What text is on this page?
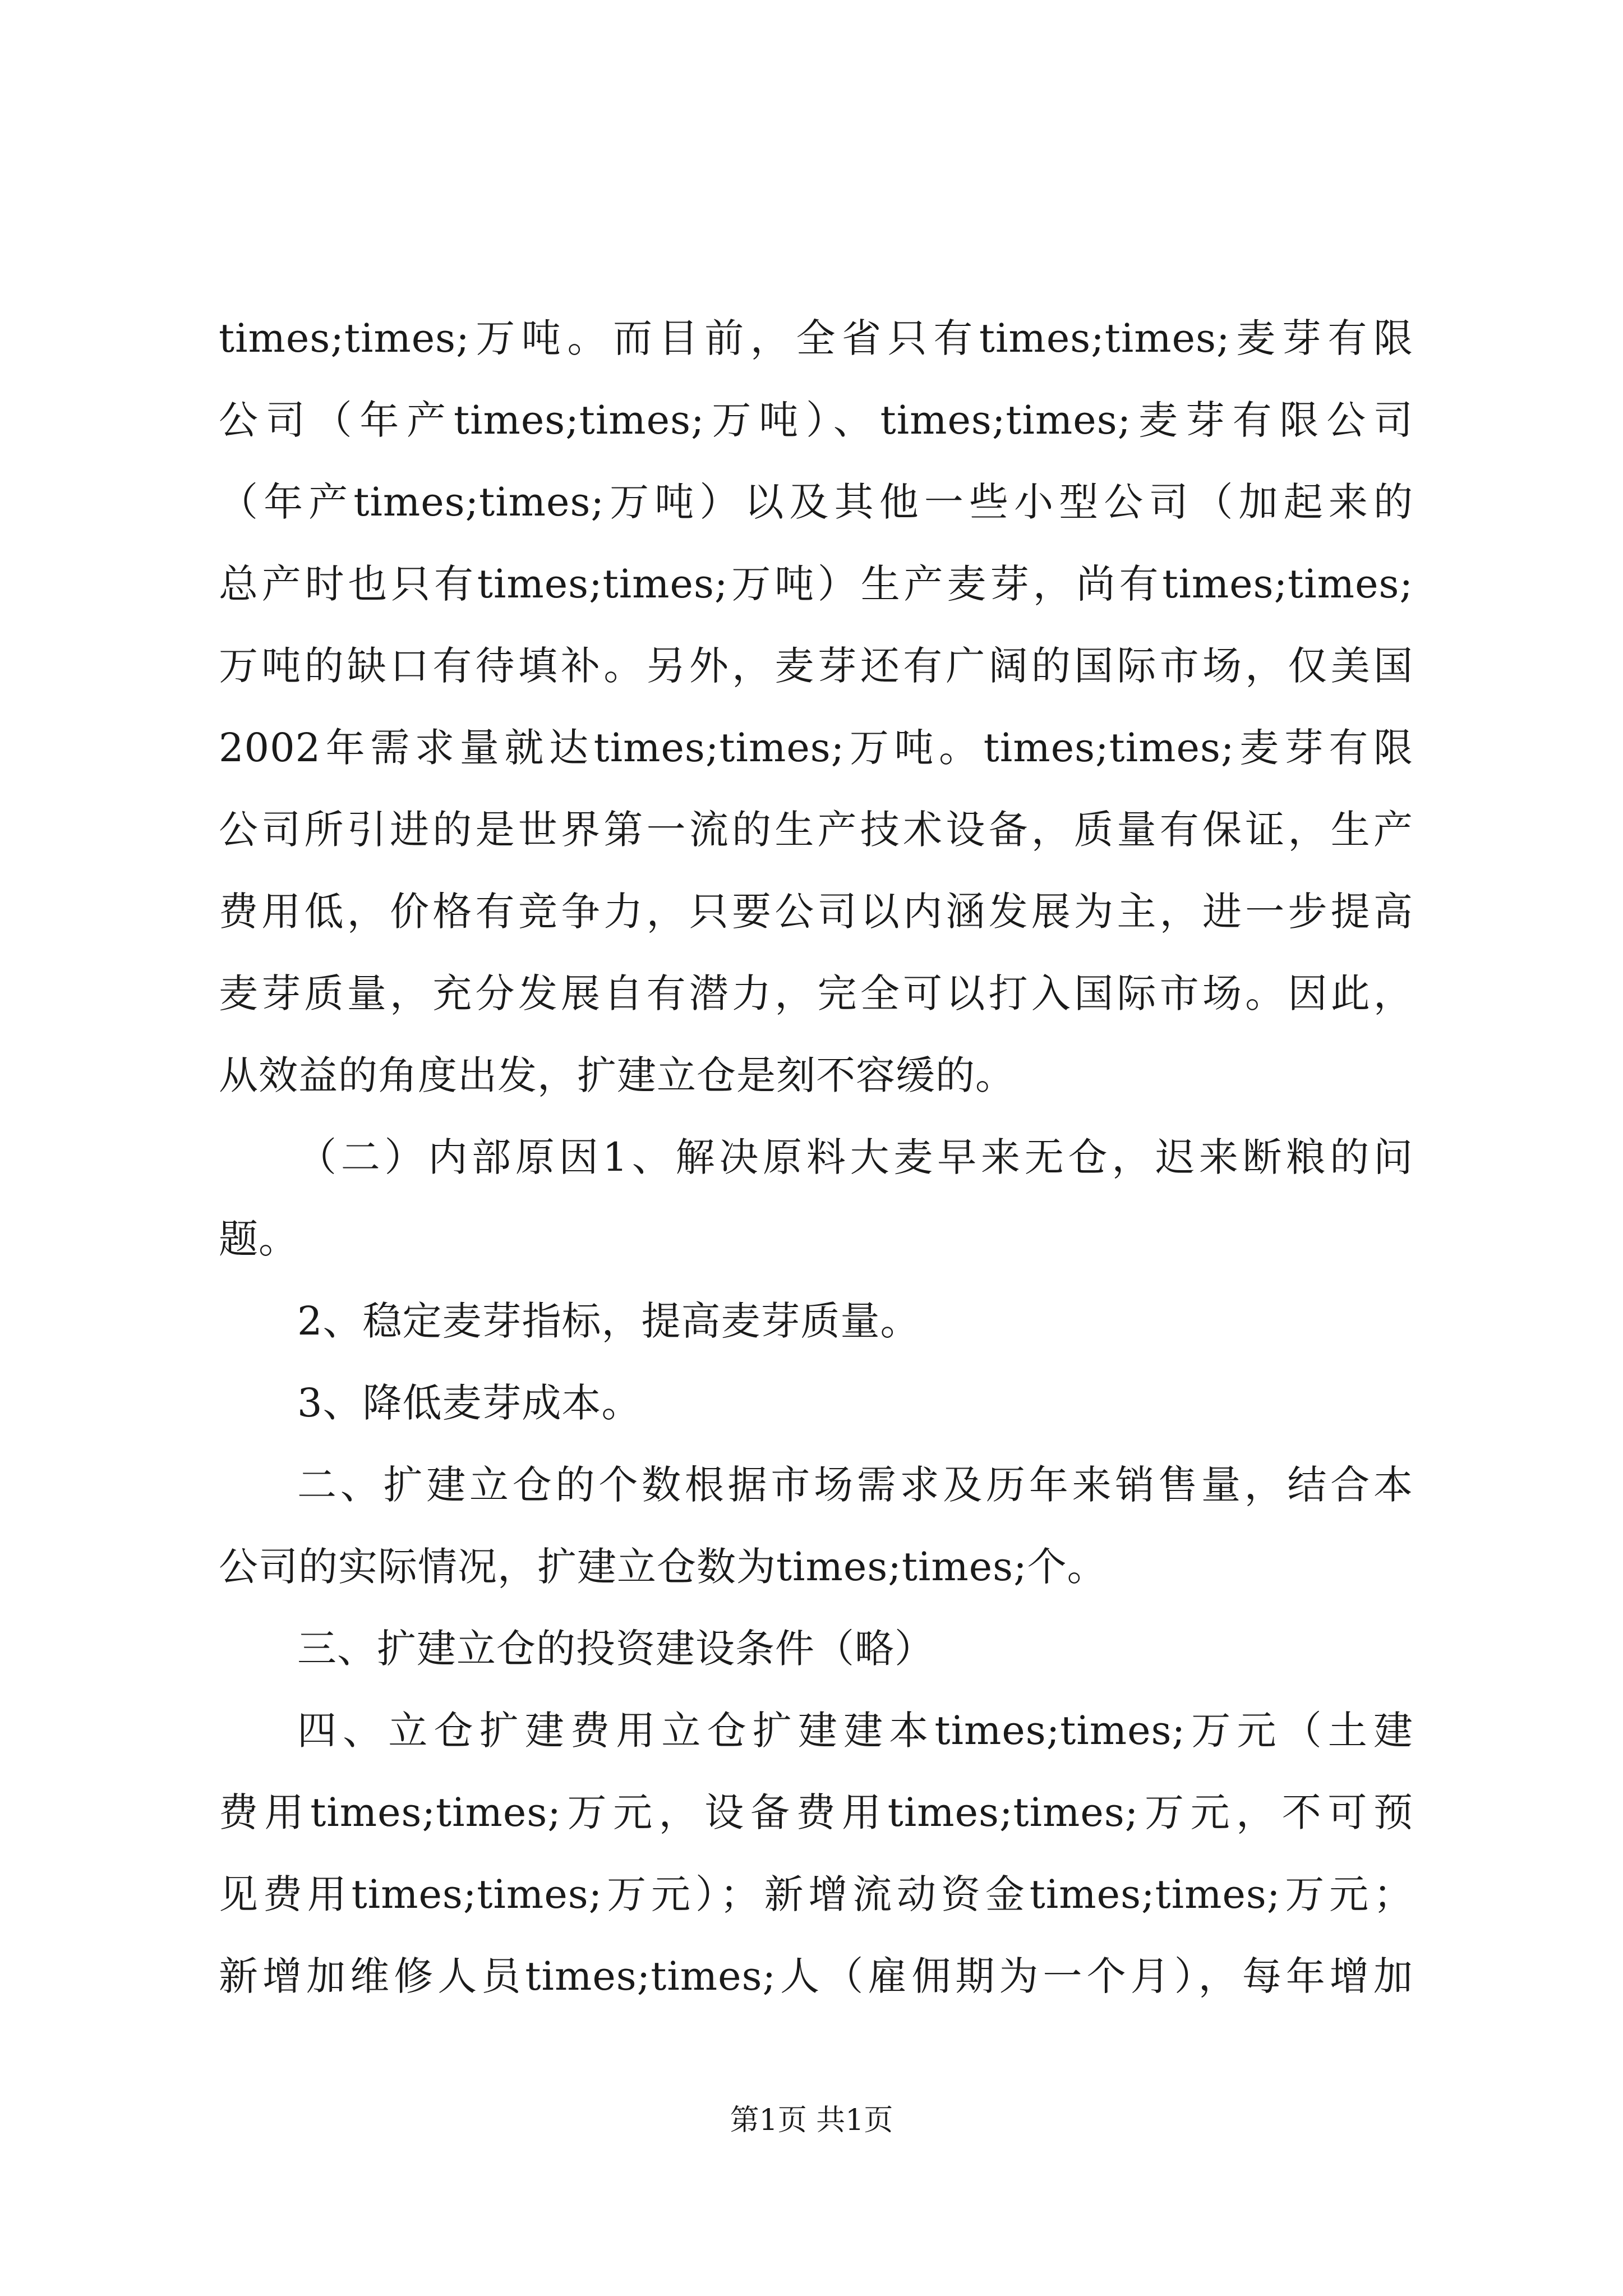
times;times;万吨。而目前，全省只有times;times;麦芽有限
公司（年产times;times;万吨）、times;times;麦芽有限公司
（年产times;times;万吨）以及其他一些小型公司（加起来的
总产时也只有times;times;万吨）生产麦芽，尚有times;times;
万吨的缺口有待填补。另外，麦芽还有广阔的国际市场，仅美国
2002年需求量就达times;times;万吨。times;times;麦芽有限
公司所引进的是世界第一流的生产技术设备，质量有保证，生产
费用低，价格有竞争力，只要公司以内涵发展为主，进一步提高
麦芽质量，充分发展自有潜力，完全可以打入国际市场。因此，
从效益的角度出发，扩建立仓是刻不容缓的。
（二）内部原因1、解决原料大麦早来无仓，迟来断粮的问
题。
2、稳定麦芽指标，提高麦芽质量。
3、降低麦芽成本。
二、扩建立仓的个数根据市场需求及历年来销售量，结合本
公司的实际情况，扩建立仓数为times;times;个。
三、扩建立仓的投资建设条件（略）
四、立仓扩建费用立仓扩建建本times;times;万元（土建
费用times;times;万元，设备费用times;times;万元，不可预
见费用times;times;万元）；新增流动资金times;times;万元；
新增加维修人员times;times;人（雇佣期为一个月），每年增加
第1页 共1页
